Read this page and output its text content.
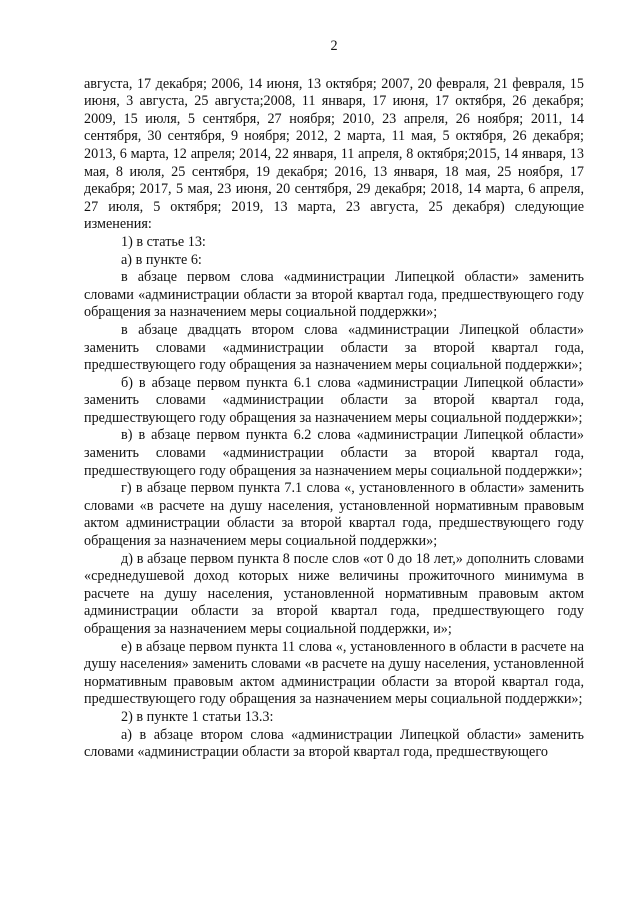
2

августа, 17 декабря; 2006, 14 июня, 13 октября; 2007, 20 февраля, 21 февраля, 15 июня, 3 августа, 25 августа;2008, 11 января, 17 июня, 17 октября, 26 декабря; 2009, 15 июля, 5 сентября, 27 ноября; 2010, 23 апреля, 26 ноября; 2011, 14 сентября, 30 сентября, 9 ноября; 2012, 2 марта, 11 мая, 5 октября, 26 декабря; 2013, 6 марта, 12 апреля; 2014, 22 января, 11 апреля, 8 октября;2015, 14 января, 13 мая, 8 июля, 25 сентября, 19 декабря; 2016, 13 января, 18 мая, 25 ноября, 17 декабря; 2017, 5 мая, 23 июня, 20 сентября, 29 декабря; 2018, 14 марта, 6 апреля, 27 июля, 5 октября; 2019, 13 марта, 23 августа, 25 декабря) следующие изменения:

1) в статье 13:

а) в пункте 6:

в абзаце первом слова «администрации Липецкой области» заменить словами «администрации области за второй квартал года, предшествующего году обращения за назначением меры социальной поддержки»;

в абзаце двадцать втором слова «администрации Липецкой области» заменить словами «администрации области за второй квартал года, предшествующего году обращения за назначением меры социальной поддержки»;

б) в абзаце первом пункта 6.1 слова «администрации Липецкой области» заменить словами «администрации области за второй квартал года, предшествующего году обращения за назначением меры социальной поддержки»;

в) в абзаце первом пункта 6.2 слова «администрации Липецкой области» заменить словами «администрации области за второй квартал года, предшествующего году обращения за назначением меры социальной поддержки»;

г) в абзаце первом пункта 7.1 слова «, установленного в области» заменить словами «в расчете на душу населения, установленной нормативным правовым актом администрации области за второй квартал года, предшествующего году обращения за назначением меры социальной поддержки»;

д) в абзаце первом пункта 8 после слов «от 0 до 18 лет,» дополнить словами «среднедушевой доход которых ниже величины прожиточного минимума в расчете на душу населения, установленной нормативным правовым актом администрации области за второй квартал года, предшествующего году обращения за назначением меры социальной поддержки, и»;

е) в абзаце первом пункта 11 слова «, установленного в области в расчете на душу населения» заменить словами «в расчете на душу населения, установленной нормативным правовым актом администрации области за второй квартал года, предшествующего году обращения за назначением меры социальной поддержки»;

2) в пункте 1 статьи 13.3:

а) в абзаце втором слова «администрации Липецкой области» заменить словами «администрации области за второй квартал года, предшествующего
